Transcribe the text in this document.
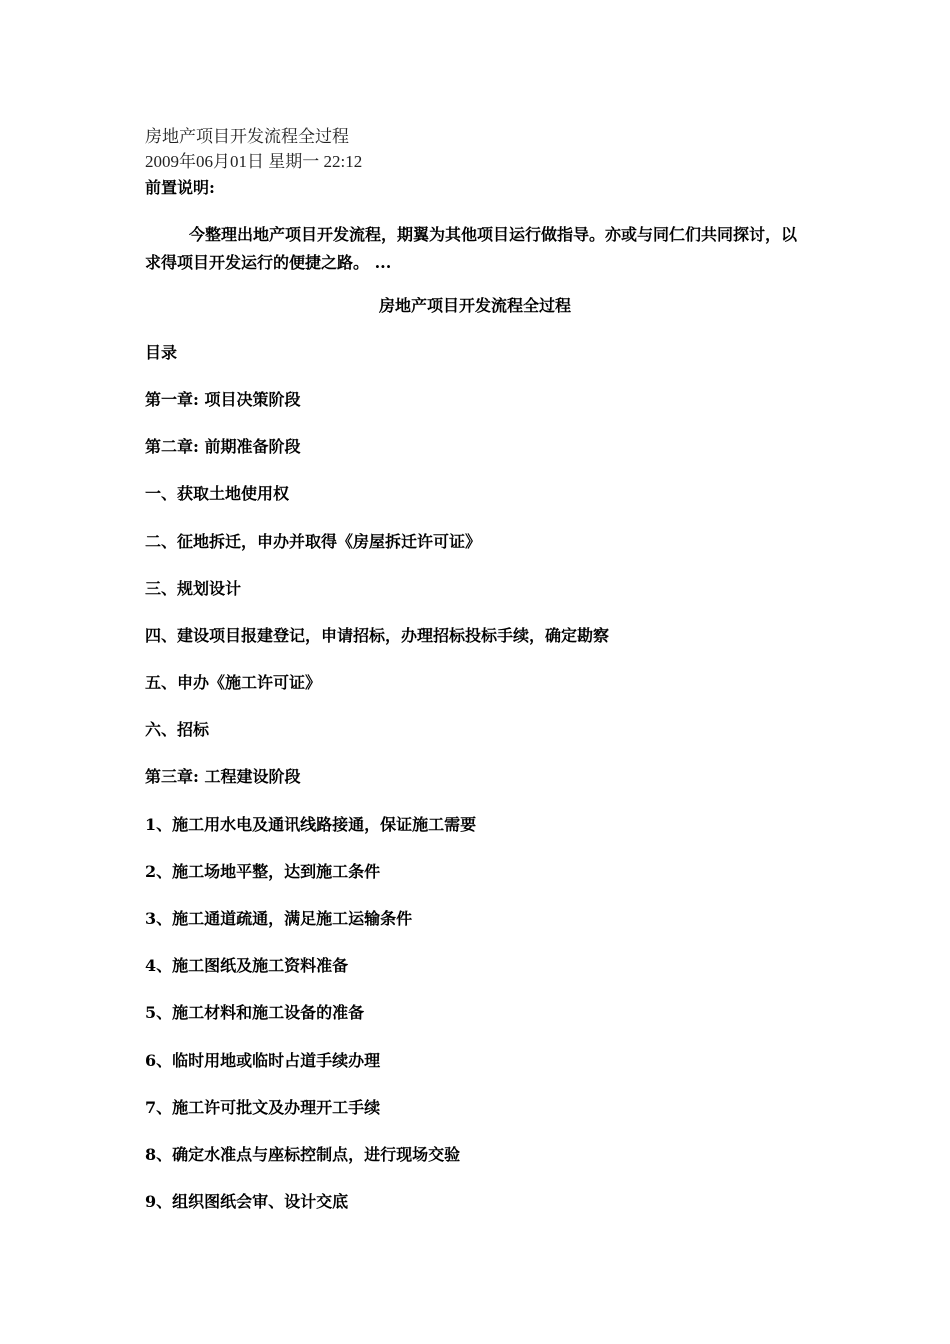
房地产项目开发流程全过程
2009年06月01日 星期一 22:12
前置说明:
今整理出地产项目开发流程，期翼为其他项目运行做指导。亦或与同仁们共同探讨，以求得项目开发运行的便捷之路。 ...
房地产项目开发流程全过程
目录
第一章: 项目决策阶段
第二章: 前期准备阶段
一、获取土地使用权
二、征地拆迁，申办并取得《房屋拆迁许可证》
三、规划设计
四、建设项目报建登记，申请招标，办理招标投标手续，确定勘察
五、申办《施工许可证》
六、招标
第三章: 工程建设阶段
1、施工用水电及通讯线路接通，保证施工需要
2、施工场地平整，达到施工条件
3、施工通道疏通，满足施工运输条件
4、施工图纸及施工资料准备
5、施工材料和施工设备的准备
6、临时用地或临时占道手续办理
7、施工许可批文及办理开工手续
8、确定水准点与座标控制点，进行现场交验
9、组织图纸会审、设计交底
